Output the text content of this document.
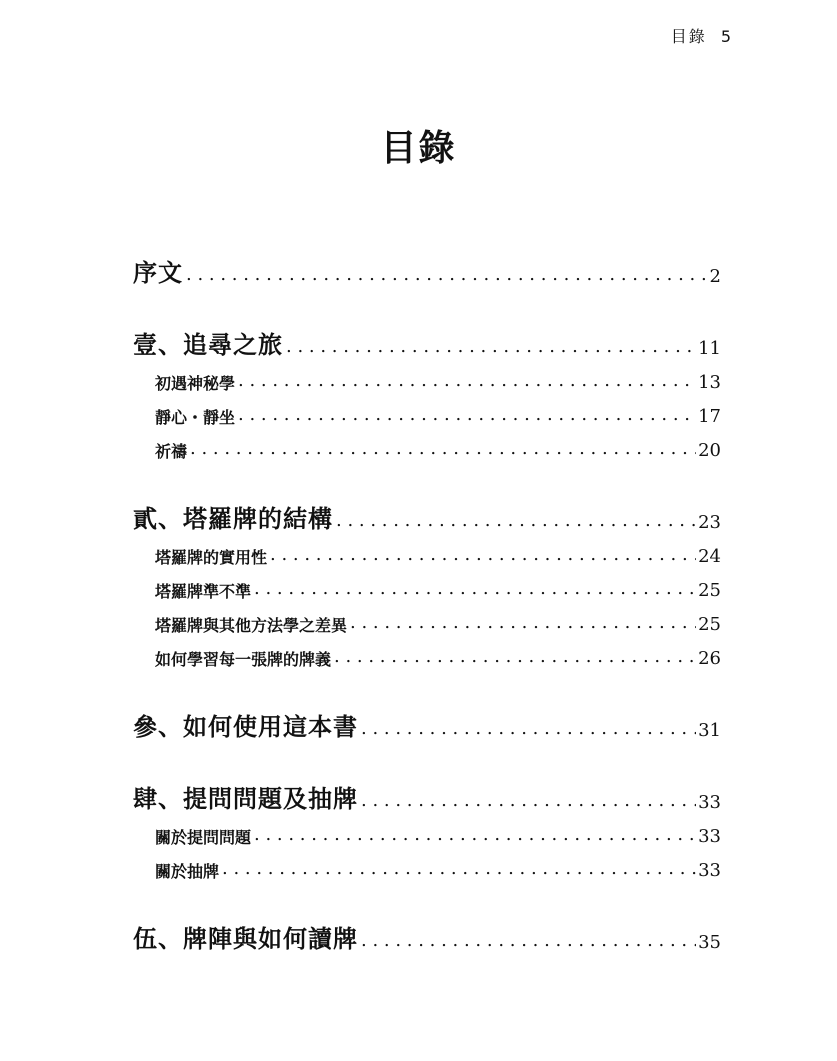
目錄 5
目錄
序文 . . .	2
壹、追尋之旅 . . .	11
初遇神秘學 . . .	13
靜心・靜坐 . . .	17
祈禱 . . .	20
貳、塔羅牌的結構 . . .	23
塔羅牌的實用性 . . .	24
塔羅牌準不準 . . .	25
塔羅牌與其他方法學之差異 . . .	25
如何學習每一張牌的牌義 . . .	26
參、如何使用這本書 . . .	31
肆、提問問題及抽牌 . . .	33
關於提問問題 . . .	33
關於抽牌 . . .	33
伍、牌陣與如何讀牌 . . .	35
